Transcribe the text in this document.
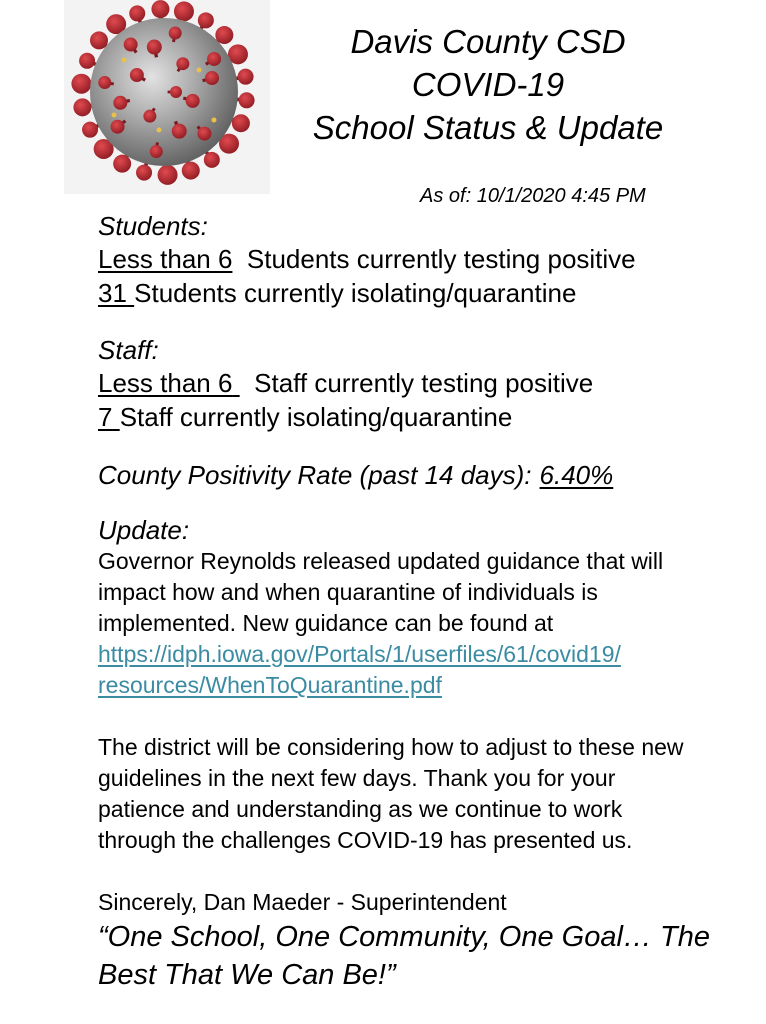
Davis County CSD
COVID-19
School Status & Update
As of: 10/1/2020 4:45 PM

Students:

Less than 6 Students currently testing positive

31 Students currently isolating/quarantine

Staff:

Less than 6 Staff currently testing positive

7 Staff currently isolating/quarantine

County Positivity Rate (past 14 days): 6.40%

Update:

Governor Reynolds released updated guidance that will
impact how and when quarantine of individuals is
implemented. New guidance can be found at
https://idph.iowa.gov/Portals/1/userfiles/61/covid19/
resources/WhenToQuarantine.pdf

The district will be considering how to adjust to these new
guidelines in the next few days. Thank you for your
patience and understanding as we continue to work
through the challenges COVID-19 has presented us.

Sincerely, Dan Maeder - Superintendent

“One School, One Community, One Goal… The
Best That We Can Be!”
